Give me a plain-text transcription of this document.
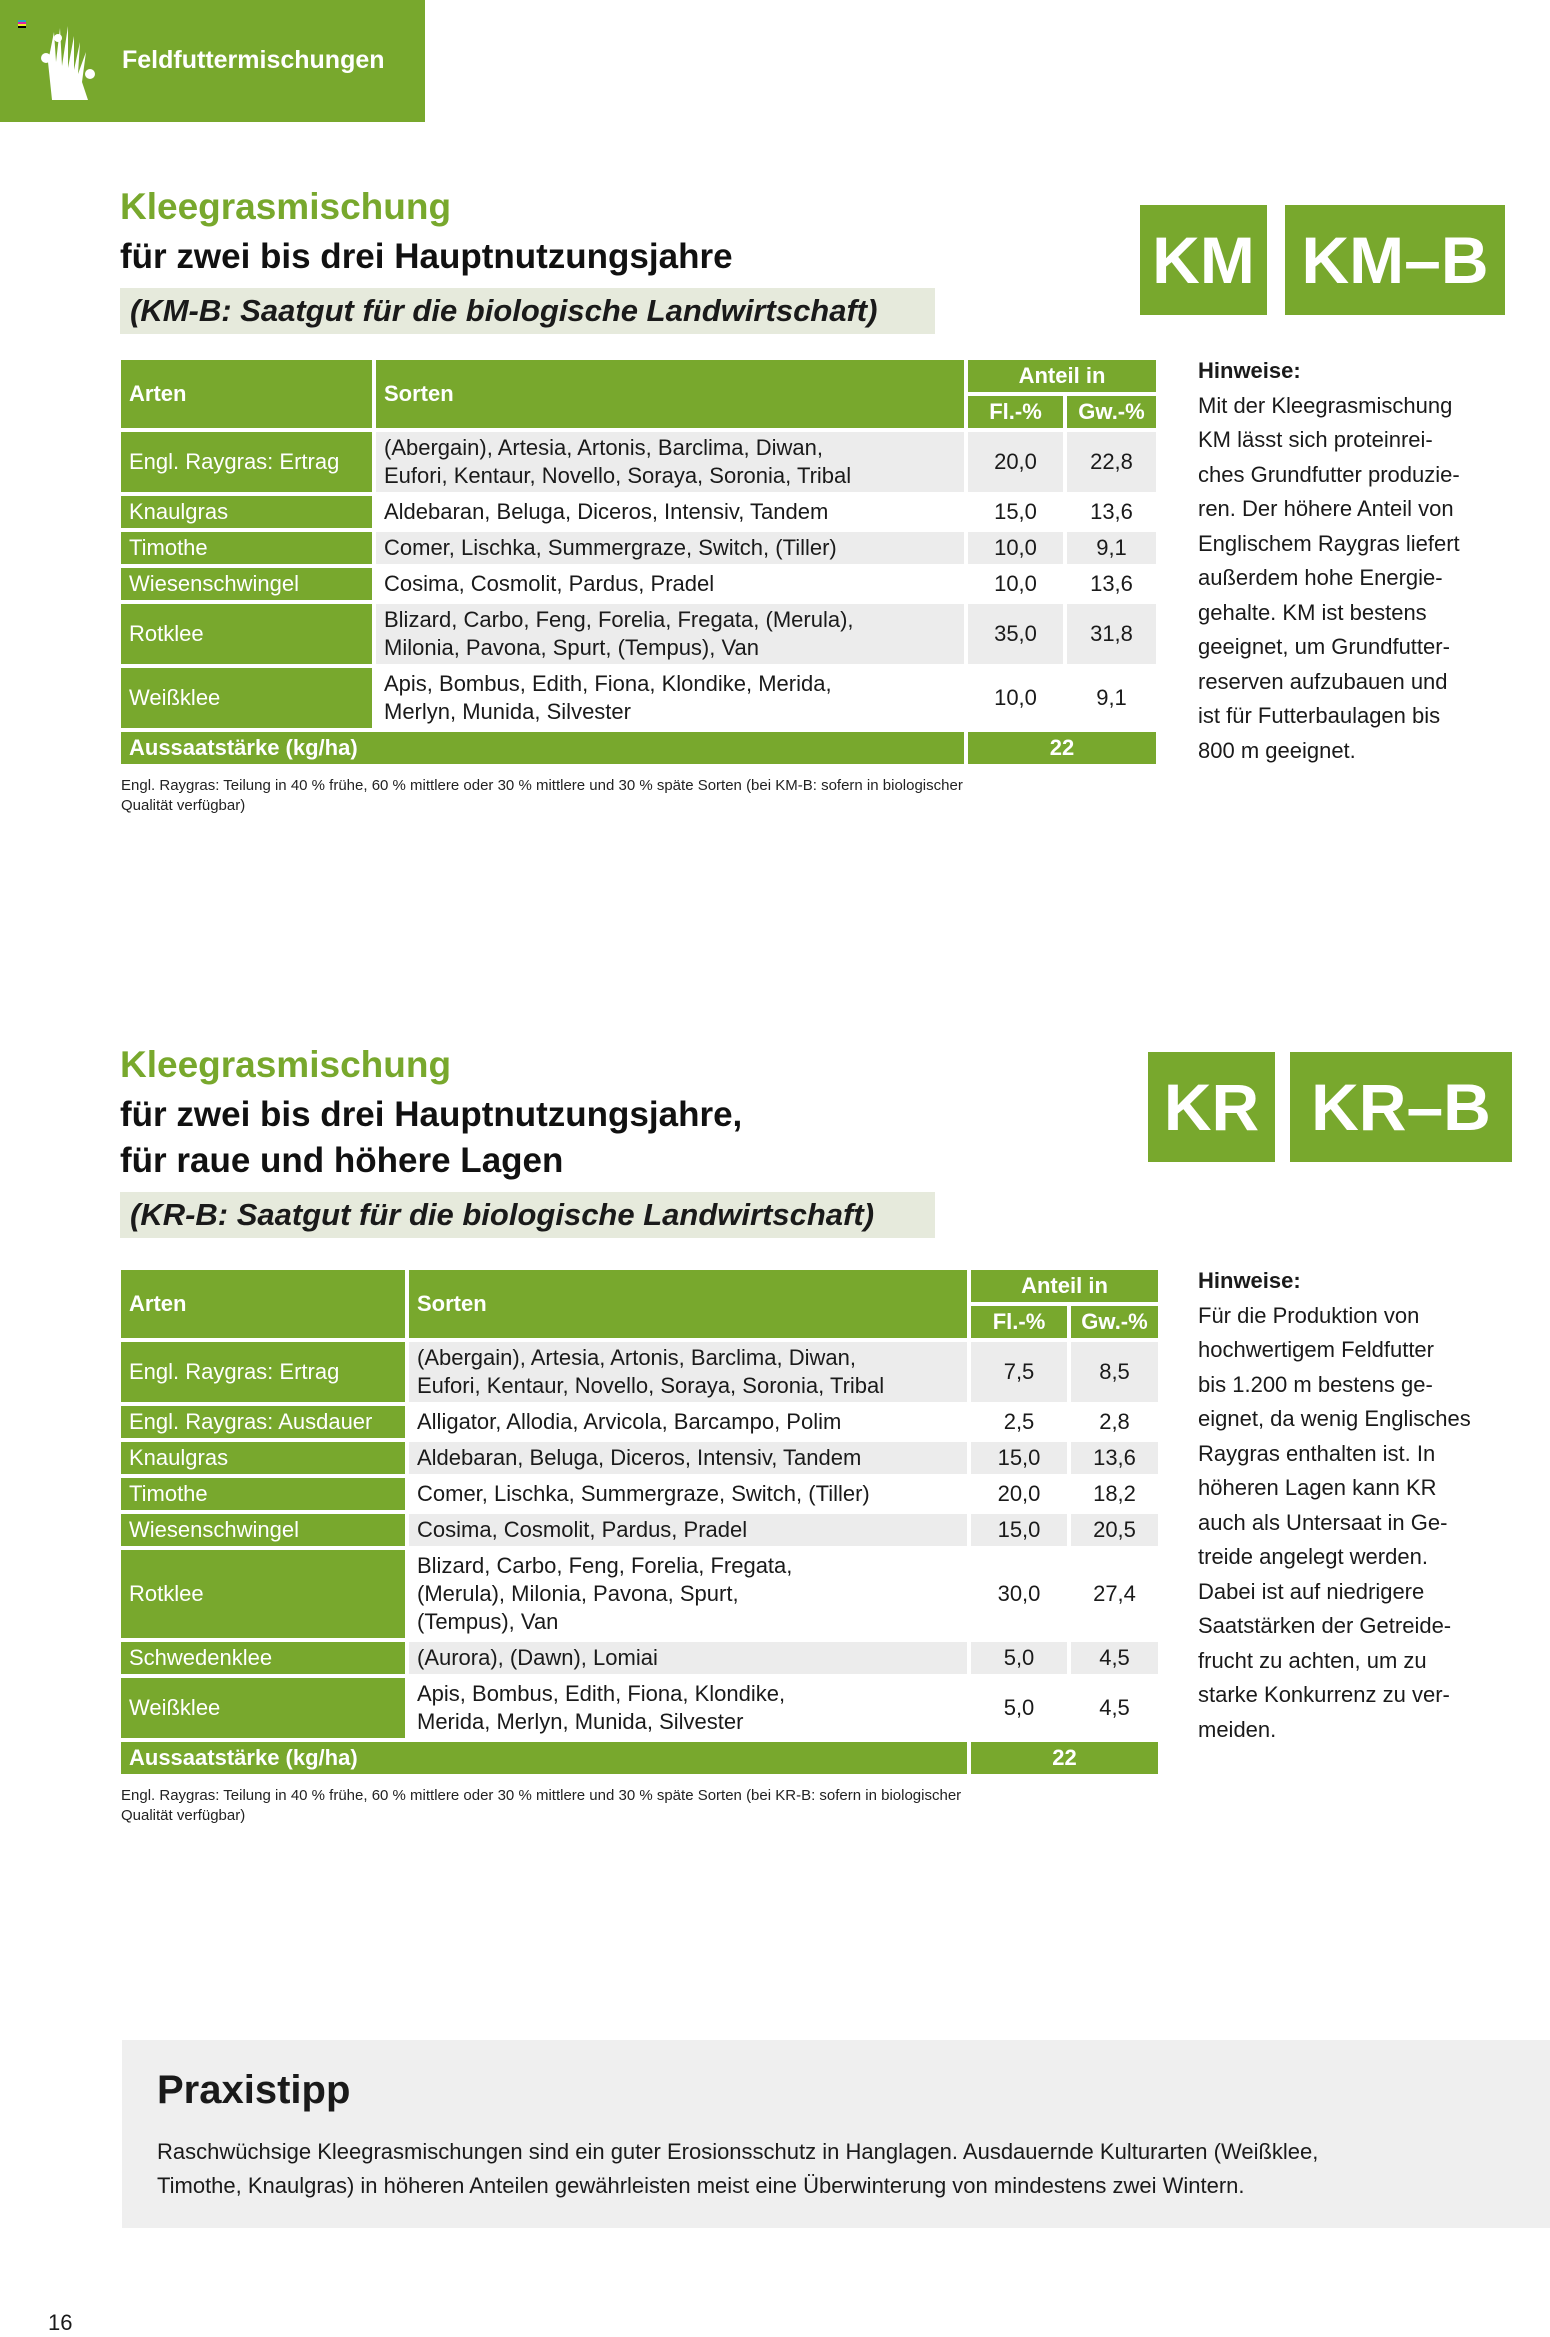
Feldfuttermischungen
Kleegrasmischung
für zwei bis drei Hauptnutzungsjahre
(KM-B: Saatgut für die biologische Landwirtschaft)
KM KM–B
Arten	Sorten	Anteil in	
		Fl.-%	Gw.-%
Engl. Raygras: Ertrag	(Abergain), Artesia, Artonis, Barclima, Diwan,
Eufori, Kentaur, Novello, Soraya, Soronia, Tribal	20,0	22,8
Knaulgras	Aldebaran, Beluga, Diceros, Intensiv, Tandem	15,0	13,6
Timothe	Comer, Lischka, Summergraze, Switch, (Tiller)	10,0	9,1
Wiesenschwingel	Cosima, Cosmolit, Pardus, Pradel	10,0	13,6
Rotklee	Blizard, Carbo, Feng, Forelia, Fregata, (Merula),
Milonia, Pavona, Spurt, (Tempus), Van	35,0	31,8
Weißklee	Apis, Bombus, Edith, Fiona, Klondike, Merida,
Merlyn, Munida, Silvester	10,0	9,1
Aussaatstärke (kg/ha)		22	
Engl. Raygras: Teilung in 40 % frühe, 60 % mittlere oder 30 % mittlere und 30 % späte Sorten (bei KM-B: sofern in biologischer
Qualität verfügbar)
Hinweise:
Mit der Kleegrasmischung
KM lässt sich proteinrei-
ches Grundfutter produzie-
ren. Der höhere Anteil von
Englischem Raygras liefert
außerdem hohe Energie-
gehalte. KM ist bestens
geeignet, um Grundfutter-
reserven aufzubauen und
ist für Futterbaulagen bis
800 m geeignet.
Kleegrasmischung
für zwei bis drei Hauptnutzungsjahre,
für raue und höhere Lagen
(KR-B: Saatgut für die biologische Landwirtschaft)
KR KR–B
Arten	Sorten	Anteil in	
		Fl.-%	Gw.-%
Engl. Raygras: Ertrag	(Abergain), Artesia, Artonis, Barclima, Diwan,
Eufori, Kentaur, Novello, Soraya, Soronia, Tribal	7,5	8,5
Engl. Raygras: Ausdauer	Alligator, Allodia, Arvicola, Barcampo, Polim	2,5	2,8
Knaulgras	Aldebaran, Beluga, Diceros, Intensiv, Tandem	15,0	13,6
Timothe	Comer, Lischka, Summergraze, Switch, (Tiller)	20,0	18,2
Wiesenschwingel	Cosima, Cosmolit, Pardus, Pradel	15,0	20,5
Rotklee	Blizard, Carbo, Feng, Forelia, Fregata,
(Merula), Milonia, Pavona, Spurt,
(Tempus), Van	30,0	27,4
Schwedenklee	(Aurora), (Dawn), Lomiai	5,0	4,5
Weißklee	Apis, Bombus, Edith, Fiona, Klondike,
Merida, Merlyn, Munida, Silvester	5,0	4,5
Aussaatstärke (kg/ha)		22	
Engl. Raygras: Teilung in 40 % frühe, 60 % mittlere oder 30 % mittlere und 30 % späte Sorten (bei KR-B: sofern in biologischer
Qualität verfügbar)
Hinweise:
Für die Produktion von
hochwertigem Feldfutter
bis 1.200 m bestens ge-
eignet, da wenig Englisches
Raygras enthalten ist. In
höheren Lagen kann KR
auch als Untersaat in Ge-
treide angelegt werden.
Dabei ist auf niedrigere
Saatstärken der Getreide-
frucht zu achten, um zu
starke Konkurrenz zu ver-
meiden.
Praxistipp

Raschwüchsige Kleegrasmischungen sind ein guter Erosionsschutz in Hanglagen. Ausdauernde Kulturarten (Weißklee,
Timothe, Knaulgras) in höheren Anteilen gewährleisten meist eine Überwinterung von mindestens zwei Wintern.

16
